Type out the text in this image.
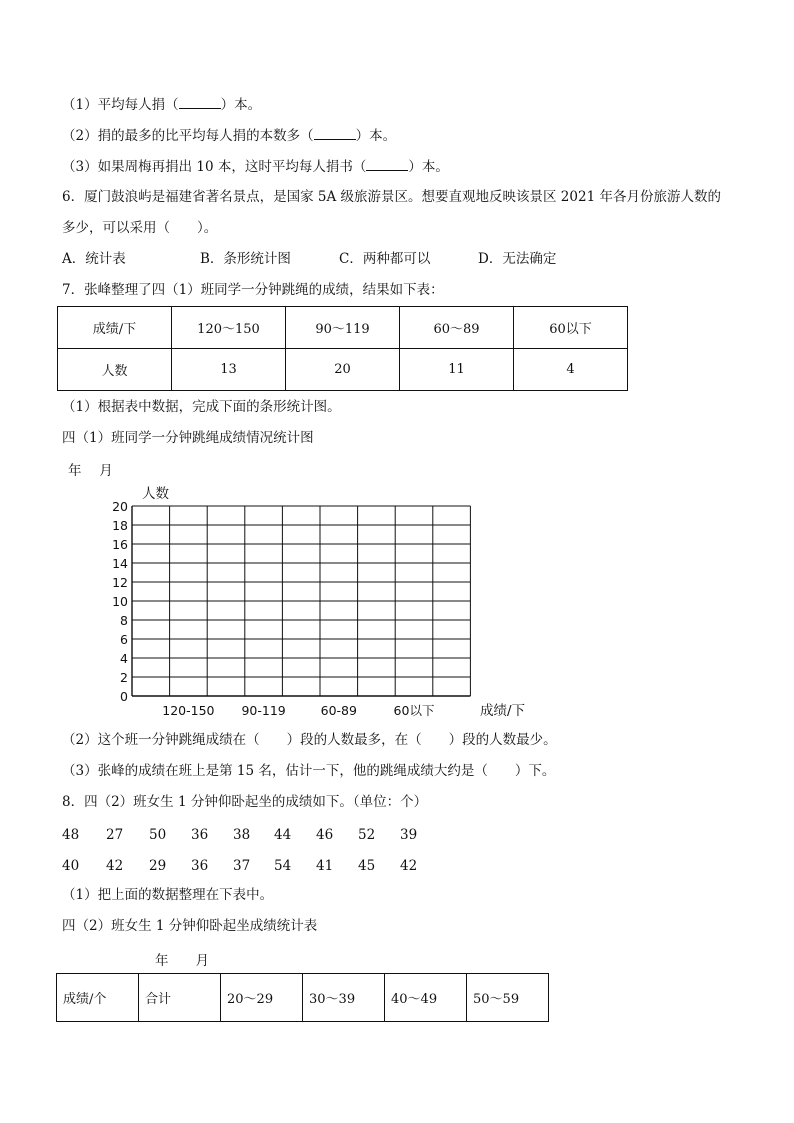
（1）平均每人捐（	）本。
（2）捐的最多的比平均每人捐的本数多（	）本。
（3）如果周梅再捐出 10 本，这时平均每人捐书（	）本。
6．厦门鼓浪屿是福建省著名景点，是国家 5A 级旅游景区。想要直观地反映该景区 2021 年各月份旅游人数的
多少，可以采用（　　）。
A．统计表	B．条形统计图	C．两种都可以	D．无法确定
7．张峰整理了四（1）班同学一分钟跳绳的成绩，结果如下表：
成绩/下	120～150	90～119	60～89	60以下
人数	13	20	11	4
（1）根据表中数据，完成下面的条形统计图。
四（1）班同学一分钟跳绳成绩情况统计图
年　 月
0
2
4
6
8
10
12
14
16
18
20
120-150 90-119	60-89	60以下
人数
成绩/下
（2）这个班一分钟跳绳成绩在（　　）段的人数最多，在（　　）段的人数最少。
（3）张峰的成绩在班上是第 15 名，估计一下，他的跳绳成绩大约是（　　）下。
8．四（2）班女生 1 分钟仰卧起坐的成绩如下。（单位：个）
48 27 50 36 38 44 46 52 39
40 42 29 36 37 54 41 45 42
（1）把上面的数据整理在下表中。
四（2）班女生 1 分钟仰卧起坐成绩统计表
年　　月
成绩/个	合计	20～29	30～39	40～49	50～59
